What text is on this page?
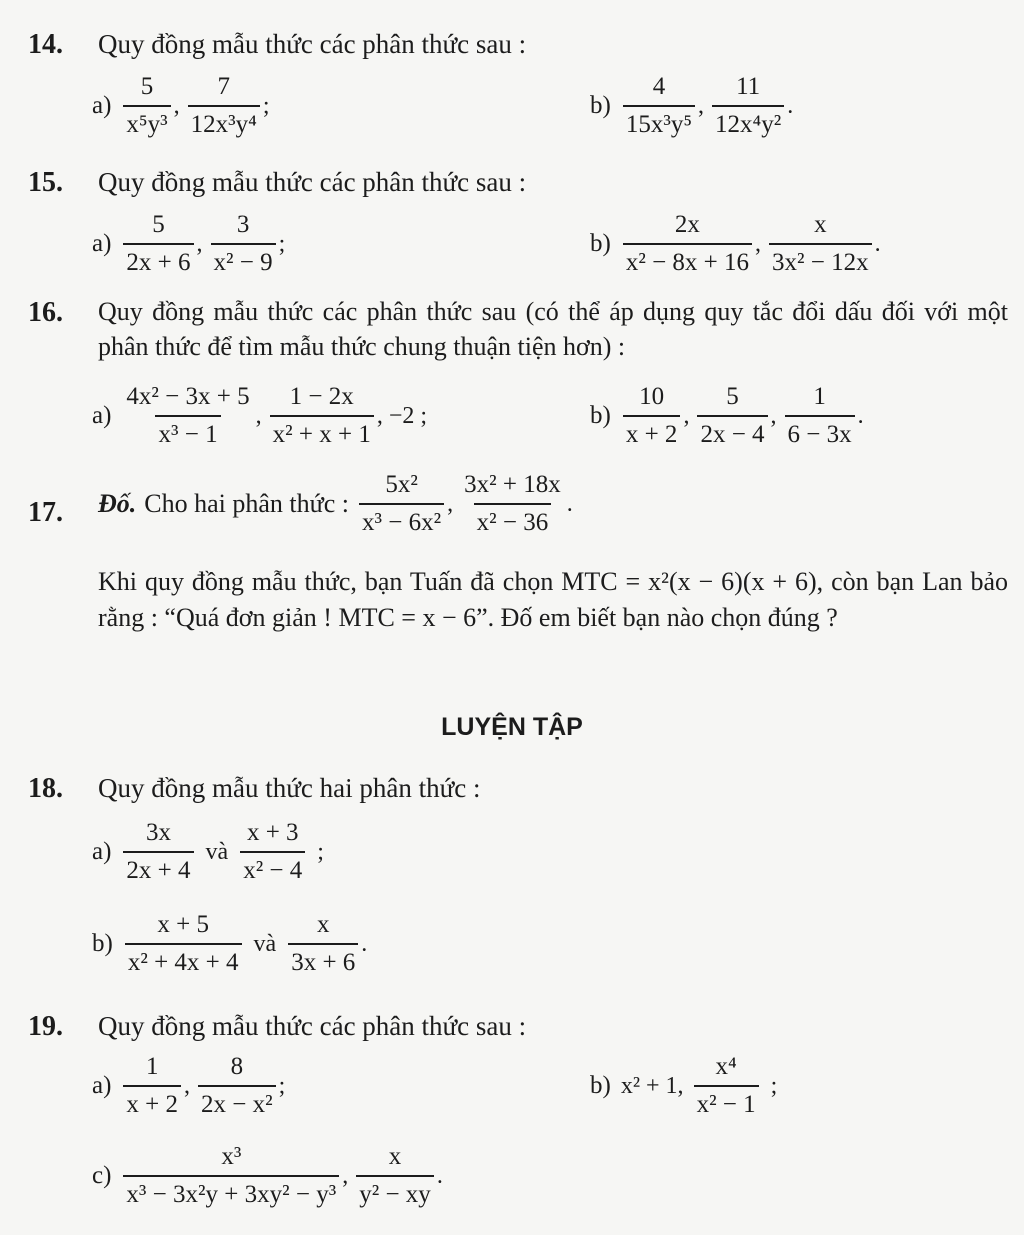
14. Quy đồng mẫu thức các phân thức sau :
$a) \frac{5}{\text{x⁵y³}}$ , $\frac{7}{\text{12x³y⁴}}$ ;	$b) \frac{4}{\text{15x³y⁵}}$ , $\frac{11}{\text{12x⁴y²}}$ .
15. Quy đồng mẫu thức các phân thức sau :
$a) \frac{5}{2x + 6}$ , $\frac{3}{\text{x² − 9}}$ ;	$b) \frac{2x}{\text{x² − 8x + 16}}$ , $\frac{x}{\text{3x² − 12x}}$ .
16. Quy đồng mẫu thức các phân thức sau (có thể áp dụng quy tắc đổi dấu đối với một phân thức để tìm mẫu thức chung thuận tiện hơn) :
$a) \frac{\text{4x² − 3x + 5}}{\text{x³ − 1}}$ , $\frac{1 - 2x}{\text{x² + x + 1}}$ , −2 ;	$b) \frac{10}{x + 2}$ , $\frac{5}{2x - 4}$ , $\frac{1}{6 - 3x}$ .
17. Đố. Cho hai phân thức : $\frac{\text{5x²}}{\text{x³ − 6x²}}$ , $\frac{\text{3x² + 18x}}{\text{x² − 36}}$ .
Khi quy đồng mẫu thức, bạn Tuấn đã chọn MTC = x²(x − 6)(x + 6), còn bạn Lan bảo rằng : “Quá đơn giản ! MTC = x − 6”. Đố em biết bạn nào chọn đúng ?
LUYỆN TẬP
18. Quy đồng mẫu thức hai phân thức :
$a) \frac{3x}{2x + 4}$ và $\frac{x + 3}{\text{x² − 4}}$ ;
$b) \frac{x + 5}{\text{x² + 4x + 4}}$ và $\frac{x}{3x + 6}$ .
19. Quy đồng mẫu thức các phân thức sau :
$a) \frac{1}{x + 2}$ , $\frac{8}{\text{2x − x²}}$ ;	b) x² + 1, $\frac{\text{x⁴}}{\text{x² − 1}}$ ;
$c) \frac{\text{x³}}{\text{x³ − 3x²y + 3xy² − y³}}$ , $\frac{x}{\text{y² − xy}}$ .
